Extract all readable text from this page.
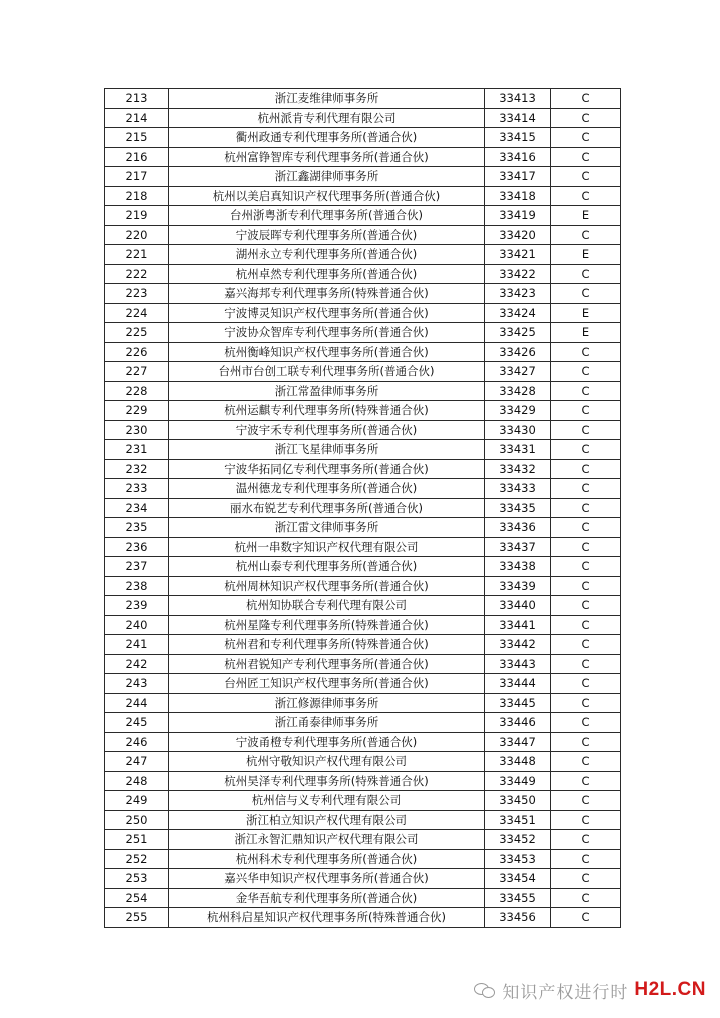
213	浙江麦维律师事务所	33413	C
214	杭州派肯专利代理有限公司	33414	C
215	衢州政通专利代理事务所(普通合伙)	33415	C
216	杭州富铮智库专利代理事务所(普通合伙)	33416	C
217	浙江鑫湖律师事务所	33417	C
218	杭州以美启真知识产权代理事务所(普通合伙)	33418	C
219	台州浙粤浙专利代理事务所(普通合伙)	33419	E
220	宁波辰晖专利代理事务所(普通合伙)	33420	C
221	湖州永立专利代理事务所(普通合伙)	33421	E
222	杭州卓然专利代理事务所(普通合伙)	33422	C
223	嘉兴海邦专利代理事务所(特殊普通合伙)	33423	C
224	宁波博灵知识产权代理事务所(普通合伙)	33424	E
225	宁波协众智库专利代理事务所(普通合伙)	33425	E
226	杭州衡峰知识产权代理事务所(普通合伙)	33426	C
227	台州市台创工联专利代理事务所(普通合伙)	33427	C
228	浙江常盈律师事务所	33428	C
229	杭州运麒专利代理事务所(特殊普通合伙)	33429	C
230	宁波宇禾专利代理事务所(普通合伙)	33430	C
231	浙江飞星律师事务所	33431	C
232	宁波华拓同亿专利代理事务所(普通合伙)	33432	C
233	温州德龙专利代理事务所(普通合伙)	33433	C
234	丽水布锐艺专利代理事务所(普通合伙)	33435	C
235	浙江雷文律师事务所	33436	C
236	杭州一串数字知识产权代理有限公司	33437	C
237	杭州山泰专利代理事务所(普通合伙)	33438	C
238	杭州周林知识产权代理事务所(普通合伙)	33439	C
239	杭州知协联合专利代理有限公司	33440	C
240	杭州星隆专利代理事务所(特殊普通合伙)	33441	C
241	杭州君和专利代理事务所(特殊普通合伙)	33442	C
242	杭州君锐知产专利代理事务所(普通合伙)	33443	C
243	台州匠工知识产权代理事务所(普通合伙)	33444	C
244	浙江修源律师事务所	33445	C
245	浙江甬泰律师事务所	33446	C
246	宁波甬橙专利代理事务所(普通合伙)	33447	C
247	杭州守敬知识产权代理有限公司	33448	C
248	杭州昊泽专利代理事务所(特殊普通合伙)	33449	C
249	杭州信与义专利代理有限公司	33450	C
250	浙江柏立知识产权代理有限公司	33451	C
251	浙江永智汇鼎知识产权代理有限公司	33452	C
252	杭州科术专利代理事务所(普通合伙)	33453	C
253	嘉兴华申知识产权代理事务所(普通合伙)	33454	C
254	金华吾航专利代理事务所(普通合伙)	33455	C
255	杭州科启星知识产权代理事务所(特殊普通合伙)	33456	C
知识产权进行时 H2L.CN
